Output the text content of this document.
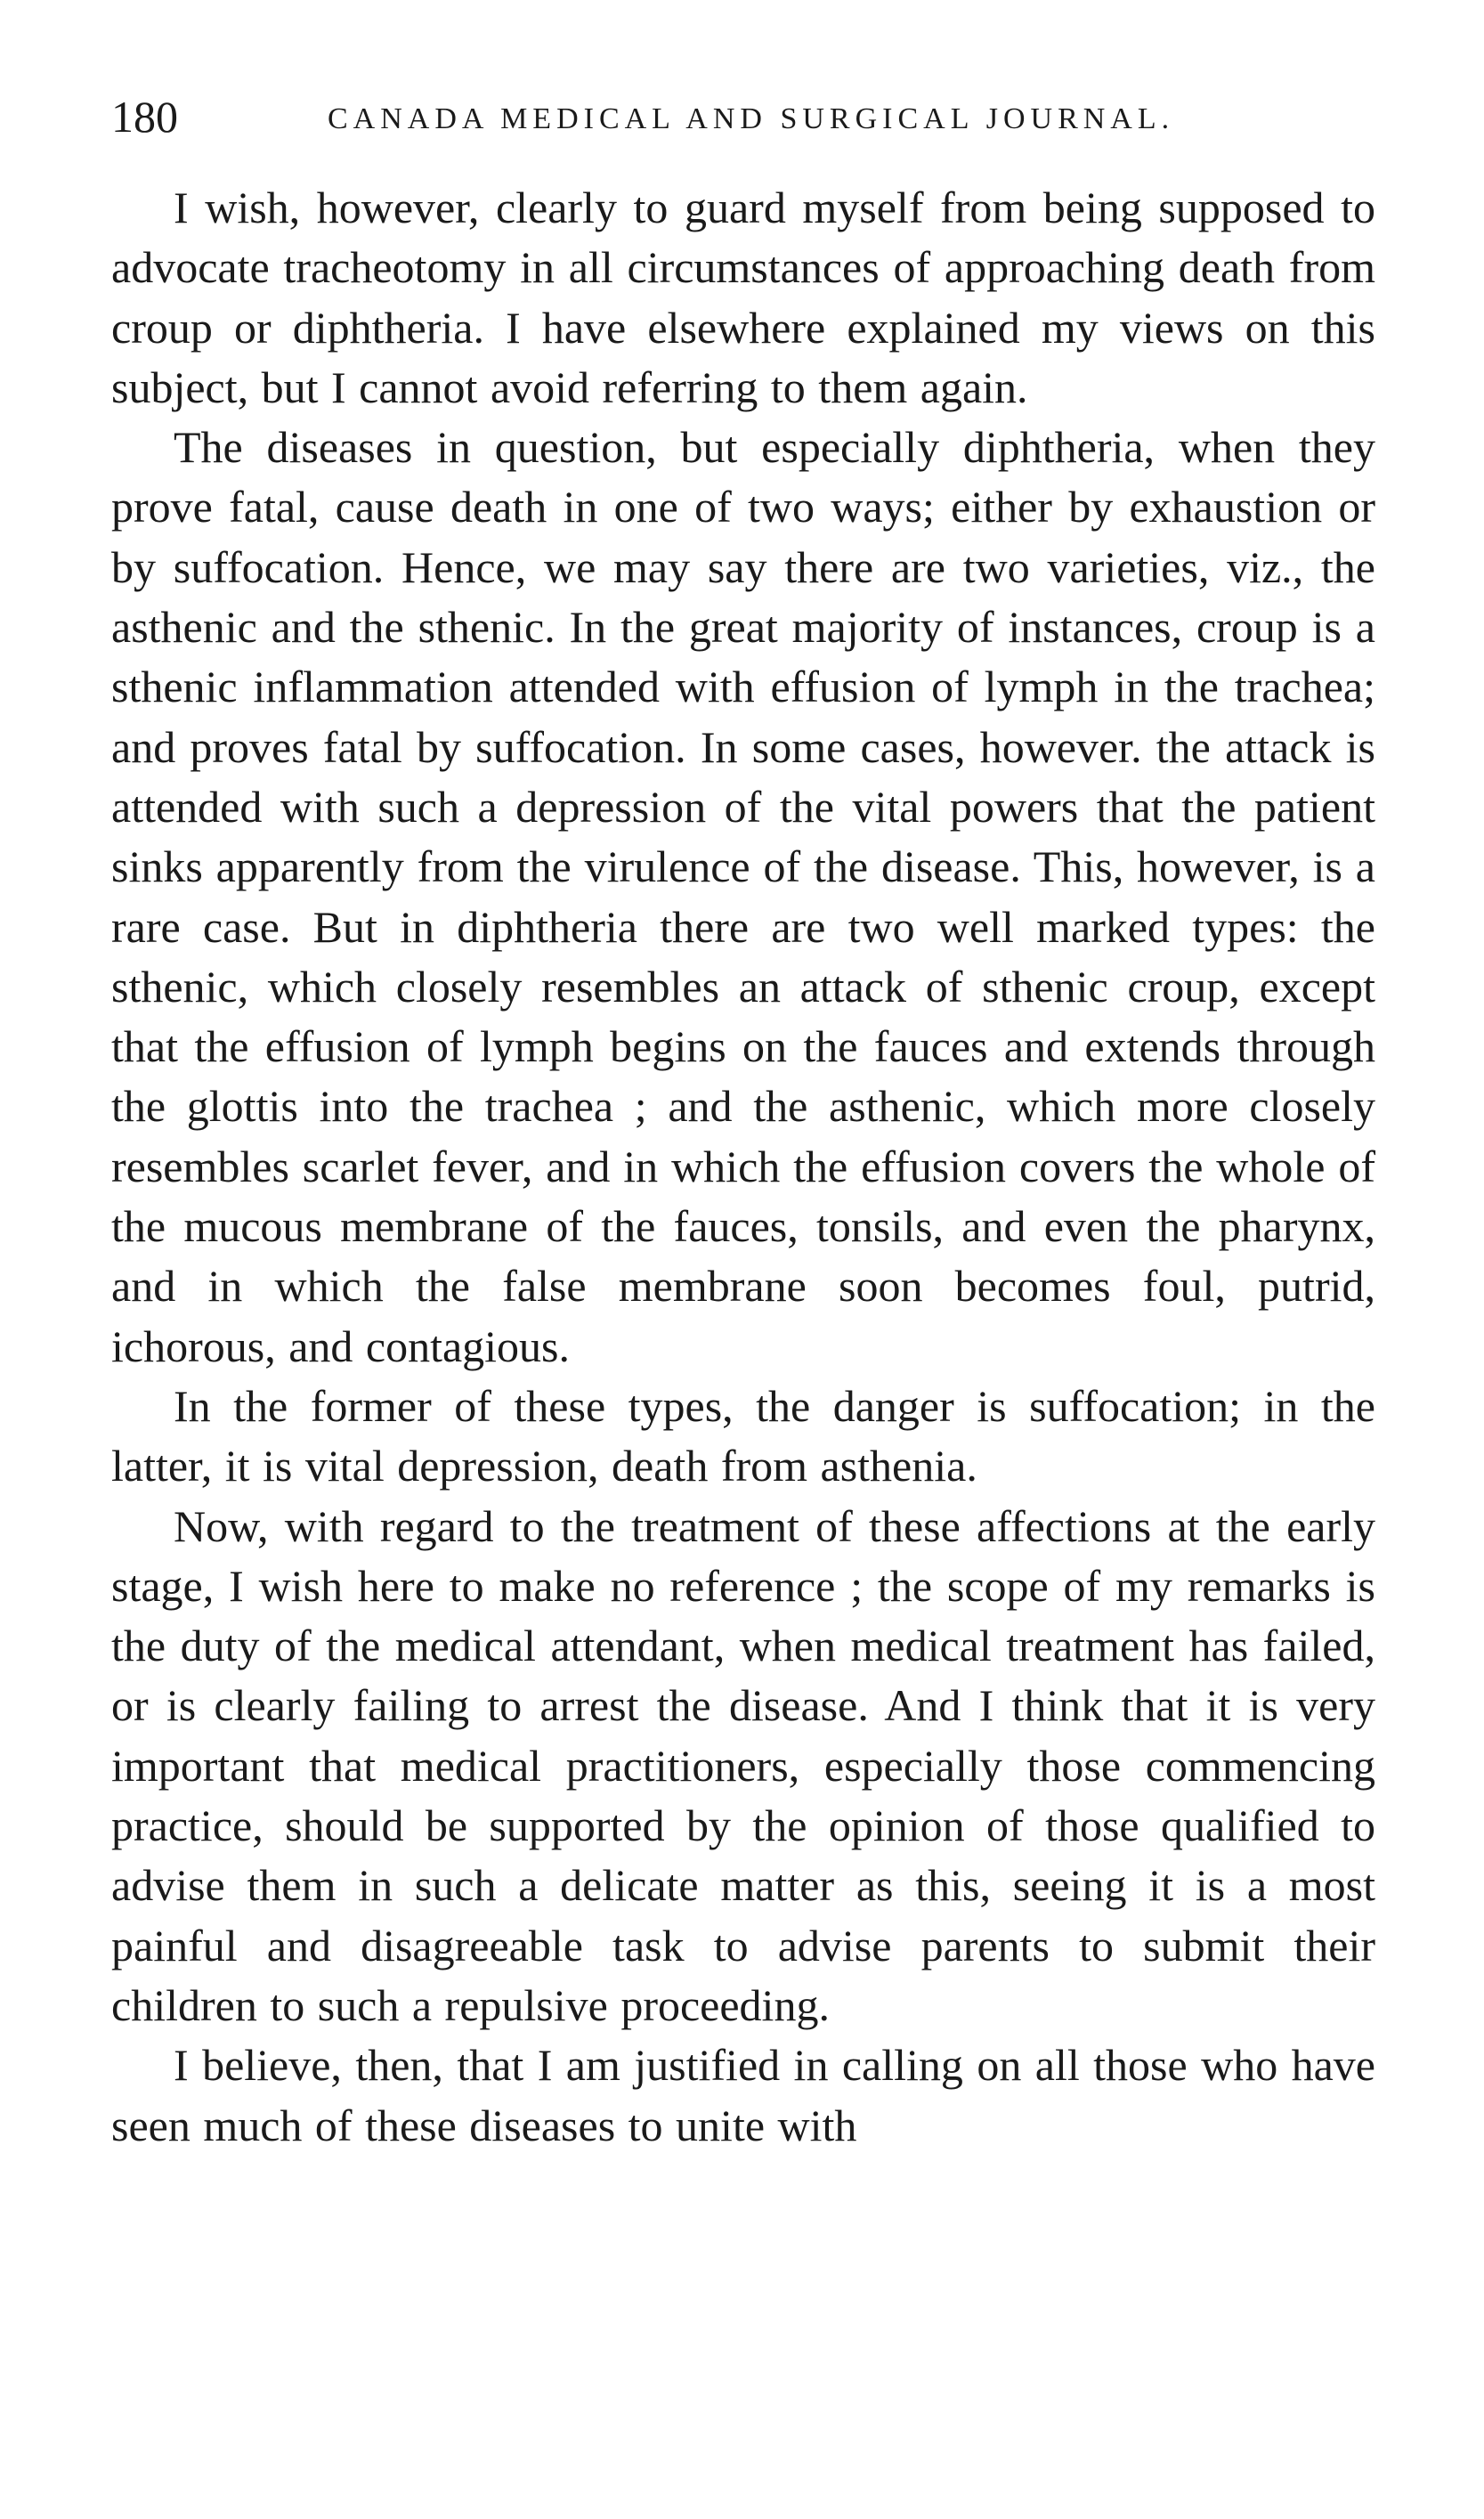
180	CANADA MEDICAL AND SURGICAL JOURNAL.

I wish, however, clearly to guard myself from being supposed to advocate tracheotomy in all circumstances of approaching death from croup or diphtheria. I have elsewhere explained my views on this subject, but I cannot avoid referring to them again.

The diseases in question, but especially diphtheria, when they prove fatal, cause death in one of two ways; either by exhaustion or by suffocation. Hence, we may say there are two varieties, viz., the asthenic and the sthenic. In the great majority of instances, croup is a sthenic inflammation attended with effusion of lymph in the trachea; and proves fatal by suffocation. In some cases, however. the attack is attended with such a depression of the vital powers that the patient sinks apparently from the virulence of the disease. This, however, is a rare case. But in diphtheria there are two well marked types: the sthenic, which closely resembles an attack of sthenic croup, except that the effusion of lymph begins on the fauces and extends through the glottis into the trachea ; and the asthenic, which more closely resembles scarlet fever, and in which the effusion covers the whole of the mucous membrane of the fauces, tonsils, and even the pharynx, and in which the false membrane soon becomes foul, putrid, ichorous, and contagious.

In the former of these types, the danger is suffocation; in the latter, it is vital depression, death from asthenia.

Now, with regard to the treatment of these affections at the early stage, I wish here to make no reference ; the scope of my remarks is the duty of the medical attendant, when medical treatment has failed, or is clearly failing to arrest the disease. And I think that it is very important that medical practitioners, especially those commencing practice, should be supported by the opinion of those qualified to advise them in such a delicate matter as this, seeing it is a most painful and disagreeable task to advise parents to submit their children to such a repulsive proceeding.

I believe, then, that I am justified in calling on all those who have seen much of these diseases to unite with
